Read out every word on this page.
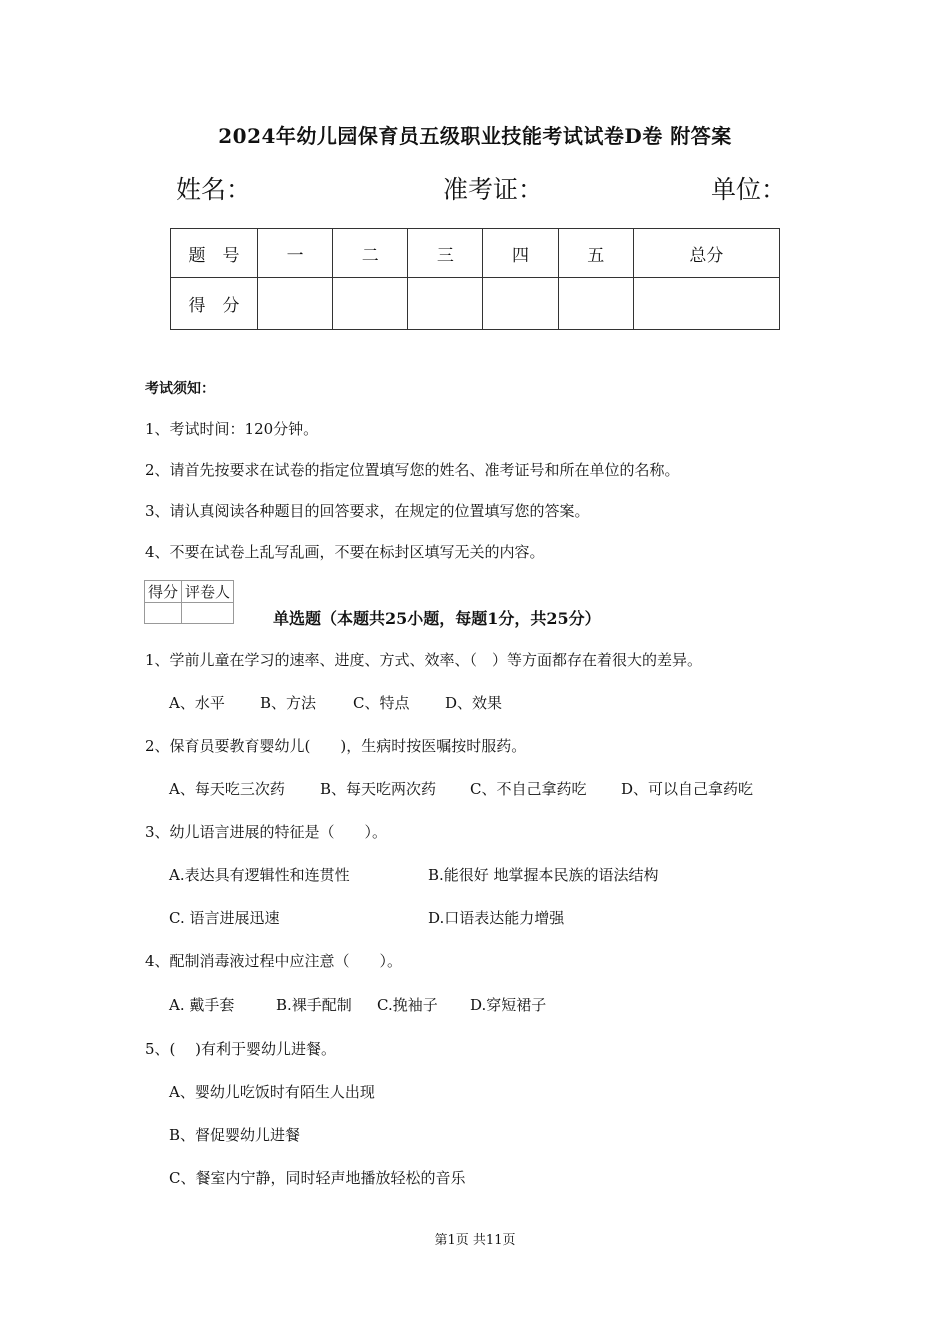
2024年幼儿园保育员五级职业技能考试试卷D卷 附答案
姓名：	准考证：	单位：
题　号	一	二	三	四	五	总分
得　分						
考试须知：
1、考试时间：120分钟。
2、请首先按要求在试卷的指定位置填写您的姓名、准考证号和所在单位的名称。
3、请认真阅读各种题目的回答要求，在规定的位置填写您的答案。
4、不要在试卷上乱写乱画，不要在标封区填写无关的内容。
得分	评卷人

单选题（本题共25小题，每题1分，共25分）
1、学前儿童在学习的速率、进度、方式、效率、（　）等方面都存在着很大的差异。
A、水平 B、方法 C、特点 D、效果
2、保育员要教育婴幼儿(　　)，生病时按医嘱按时服药。
A、每天吃三次药 B、每天吃两次药 C、不自己拿药吃 D、可以自己拿药吃
3、幼儿语言进展的特征是（　　）。
A.表达具有逻辑性和连贯性	B.能很好 地掌握本民族的语法结构
C. 语言进展迅速	D.口语表达能力增强
4、配制消毒液过程中应注意（　　）。
A. 戴手套	B.裸手配制 C.挽袖子 D.穿短裙子
5、(　 )有利于婴幼儿进餐。
A、婴幼儿吃饭时有陌生人出现
B、督促婴幼儿进餐
C、餐室内宁静，同时轻声地播放轻松的音乐
第1页 共11页
